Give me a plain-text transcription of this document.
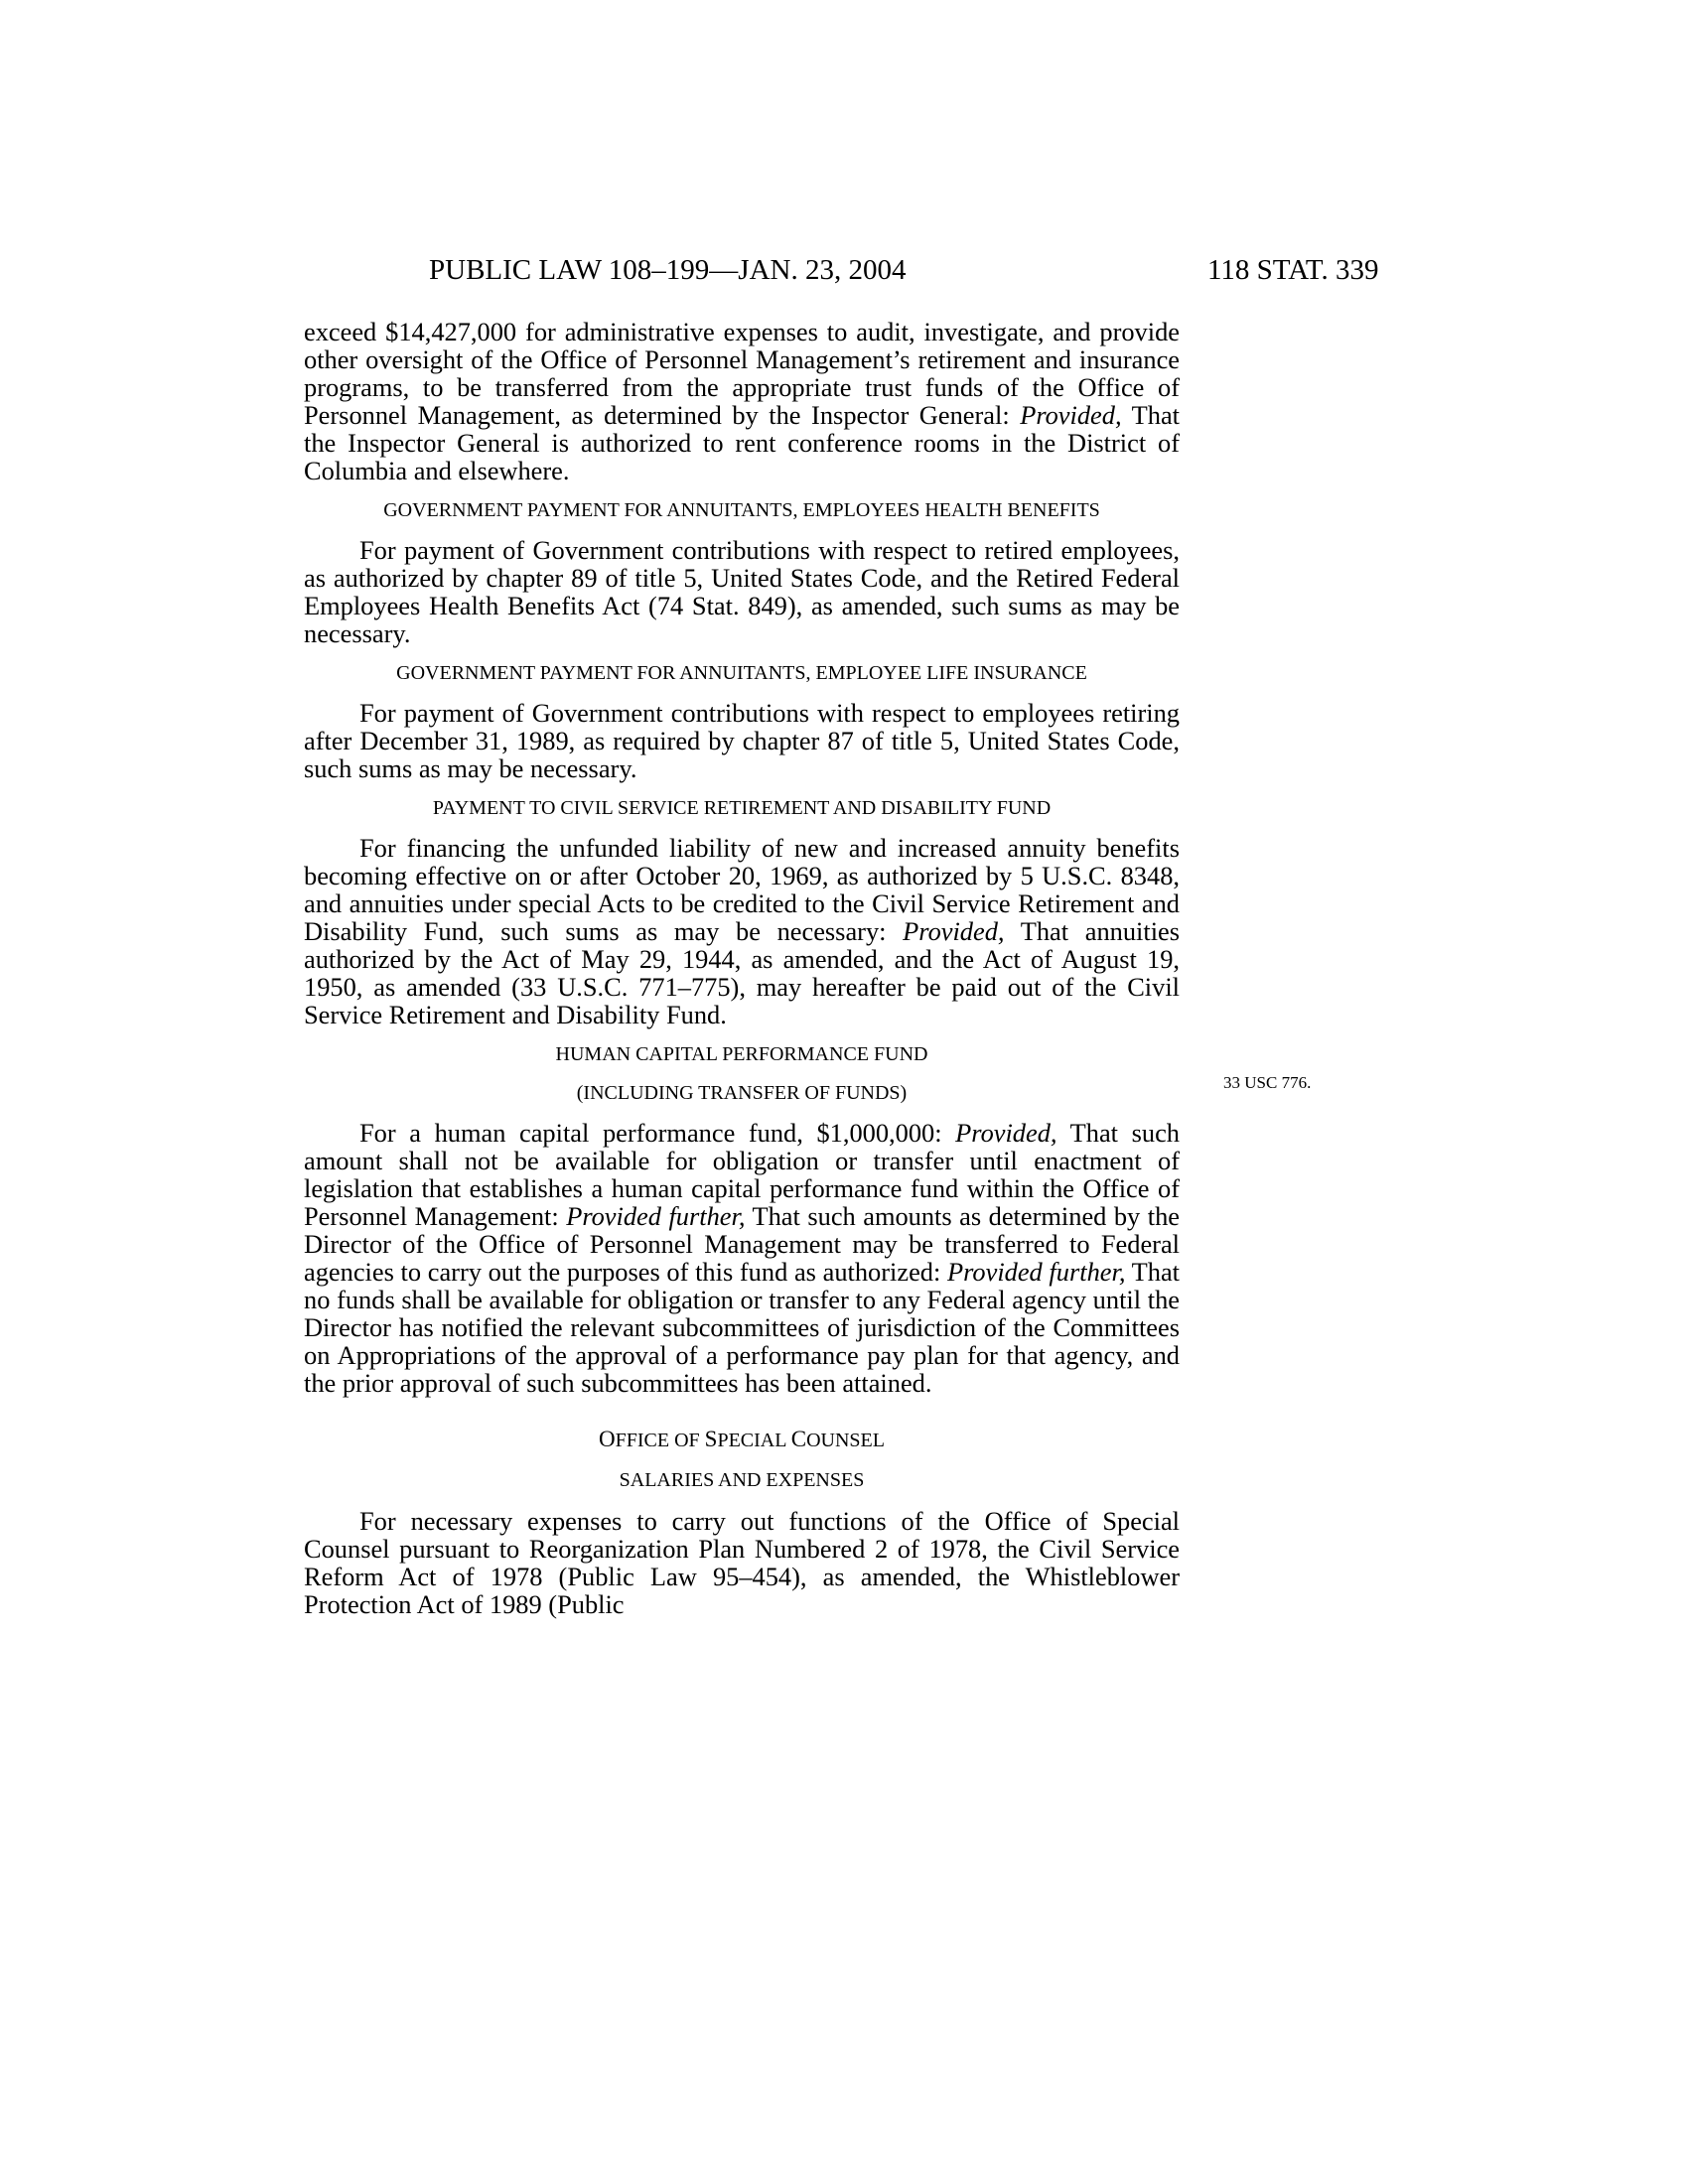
PUBLIC LAW 108–199—JAN. 23, 2004	118 STAT. 339

exceed $14,427,000 for administrative expenses to audit, investigate, and provide other oversight of the Office of Personnel Management’s retirement and insurance programs, to be transferred from the appropriate trust funds of the Office of Personnel Management, as determined by the Inspector General: Provided, That the Inspector General is authorized to rent conference rooms in the District of Columbia and elsewhere.

GOVERNMENT PAYMENT FOR ANNUITANTS, EMPLOYEES HEALTH BENEFITS

For payment of Government contributions with respect to retired employees, as authorized by chapter 89 of title 5, United States Code, and the Retired Federal Employees Health Benefits Act (74 Stat. 849), as amended, such sums as may be necessary.

GOVERNMENT PAYMENT FOR ANNUITANTS, EMPLOYEE LIFE INSURANCE

For payment of Government contributions with respect to employees retiring after December 31, 1989, as required by chapter 87 of title 5, United States Code, such sums as may be necessary.

PAYMENT TO CIVIL SERVICE RETIREMENT AND DISABILITY FUND

For financing the unfunded liability of new and increased annuity benefits becoming effective on or after October 20, 1969, as authorized by 5 U.S.C. 8348, and annuities under special Acts to be credited to the Civil Service Retirement and Disability Fund, such sums as may be necessary: Provided, That annuities authorized by the Act of May 29, 1944, as amended, and the Act of August 19, 1950, as amended (33 U.S.C. 771–775), may hereafter be paid out of the Civil Service Retirement and Disability Fund.

HUMAN CAPITAL PERFORMANCE FUND

(INCLUDING TRANSFER OF FUNDS)

For a human capital performance fund, $1,000,000: Provided, That such amount shall not be available for obligation or transfer until enactment of legislation that establishes a human capital performance fund within the Office of Personnel Management: Provided further, That such amounts as determined by the Director of the Office of Personnel Management may be transferred to Federal agencies to carry out the purposes of this fund as authorized: Provided further, That no funds shall be available for obligation or transfer to any Federal agency until the Director has notified the relevant subcommittees of jurisdiction of the Committees on Appropriations of the approval of a performance pay plan for that agency, and the prior approval of such subcommittees has been attained.

OFFICE OF SPECIAL COUNSEL

SALARIES AND EXPENSES

For necessary expenses to carry out functions of the Office of Special Counsel pursuant to Reorganization Plan Numbered 2 of 1978, the Civil Service Reform Act of 1978 (Public Law 95–454), as amended, the Whistleblower Protection Act of 1989 (Public

33 USC 776.
